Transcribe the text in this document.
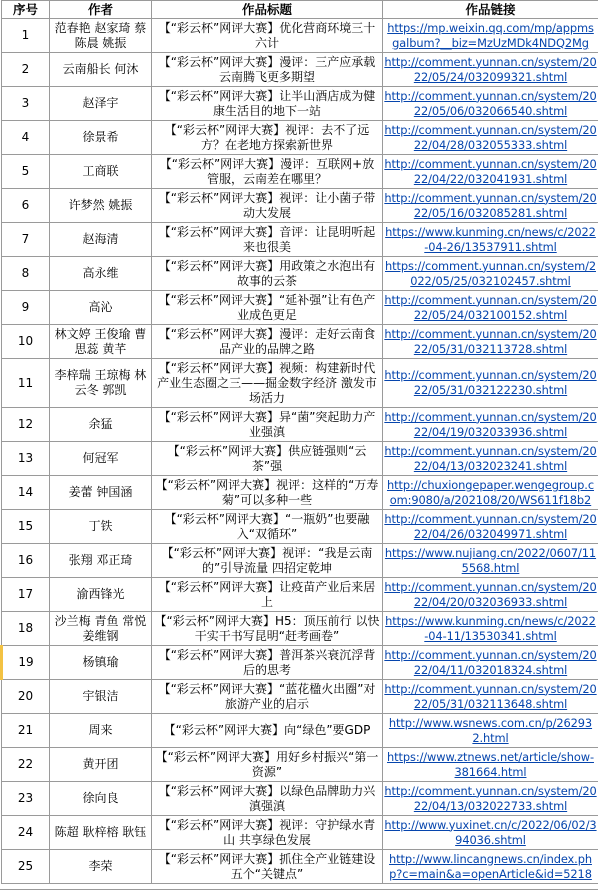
序号	作者	作品标题	作品链接
1	范春艳 赵家琦 蔡陈晨 姚振	【“彩云杯”网评大赛】优化营商环境三十六计	https://mp.weixin.qq.com/mp/appmsgalbum?__biz=MzUzMDk4NDQ2Mg
2	云南船长 何沐	【“彩云杯”网评大赛】漫评：三产应承载云南腾飞更多期望	http://comment.yunnan.cn/system/2022/05/24/032099321.shtml
3	赵泽宇	【“彩云杯”网评大赛】让半山酒店成为健康生活目的地下一站	http://comment.yunnan.cn/system/2022/05/06/032066540.shtml
4	徐景希	【“彩云杯”网评大赛】视评：去不了远方？在老地方探索新世界	http://comment.yunnan.cn/system/2022/04/28/032055333.shtml
5	工商联	【“彩云杯”网评大赛】漫评：互联网+放管服，云南差在哪里？	http://comment.yunnan.cn/system/2022/04/22/032041931.shtml
6	许梦然 姚振	【“彩云杯”网评大赛】视评：让小菌子带动大发展	http://comment.yunnan.cn/system/2022/05/16/032085281.shtml
7	赵海清	【“彩云杯”网评大赛】音评：让昆明听起来也很美	https://www.kunming.cn/news/c/2022-04-26/13537911.shtml
8	高永维	【“彩云杯”网评大赛】用政策之水泡出有故事的云茶	https://comment.yunnan.cn/system/2022/05/25/032102457.shtml
9	高沁	【“彩云杯”网评大赛】“延补强”让有色产业成色更足	http://comment.yunnan.cn/system/2022/05/24/032100152.shtml
10	林文婷 王俊瑜 曹思蕊 黄芊	【“彩云杯”网评大赛】漫评：走好云南食品产业的品牌之路	http://comment.yunnan.cn/system/2022/05/31/032113728.shtml
11	李梓瑞 王琼梅 林云冬 郭凯	【“彩云杯”网评大赛】视频：构建新时代产业生态圈之三——掘金数字经济 激发市场活力	http://comment.yunnan.cn/system/2022/05/31/032122230.shtml
12	余猛	【“彩云杯”网评大赛】异“菌”突起助力产业强滇	http://comment.yunnan.cn/system/2022/04/19/032033936.shtml
13	何冠军	【“彩云杯”网评大赛】供应链强则“云茶”强	http://comment.yunnan.cn/system/2022/04/13/032023241.shtml
14	姜蕾 钟国涵	【“彩云杯”网评大赛】视评：这样的“万寿菊”可以多种一些	http://chuxiongepaper.wengegroup.com:9080/a/202108/20/WS611f18b2
15	丁铁	【“彩云杯”网评大赛】“一瓶奶”也要融入“双循环”	http://comment.yunnan.cn/system/2022/04/26/032049971.shtml
16	张翔 邓正琦	【“彩云杯”网评大赛】视评：“我是云南的”引导流量 四招定乾坤	https://www.nujiang.cn/2022/0607/115568.html
17	渝西锋光	【“彩云杯”网评大赛】让疫苗产业后来居上	http://comment.yunnan.cn/system/2022/04/20/032036933.shtml
18	沙兰梅 青鱼 常悦 姜维钢	【“彩云杯”网评大赛】H5：顶压前行 以快干实干书写昆明“赶考画卷”	https://www.kunming.cn/news/c/2022-04-11/13530341.shtml
19	杨镇瑜	【“彩云杯”网评大赛】普洱茶兴衰沉浮背后的思考	http://comment.yunnan.cn/system/2022/04/11/032018324.shtml
20	宇银洁	【“彩云杯”网评大赛】“蓝花楹火出圈”对旅游产业的启示	http://comment.yunnan.cn/system/2022/05/31/032113648.shtml
21	周来	【“彩云杯”网评大赛】向“绿色”要GDP	http://www.wsnews.com.cn/p/262932.html
22	黄开团	【“彩云杯”网评大赛】用好乡村振兴“第一资源”	https://www.ztnews.net/article/show-381664.html
23	徐向良	【“彩云杯”网评大赛】以绿色品牌助力兴滇强滇	http://comment.yunnan.cn/system/2022/04/13/032022733.shtml
24	陈超 耿梓榕 耿钰	【“彩云杯”网评大赛】视评：守护绿水青山 共享绿色发展	http://www.yuxinet.cn/c/2022/06/02/394036.shtml
25	李荣	【“彩云杯”网评大赛】抓住全产业链建设五个“关键点”	http://www.lincangnews.cn/index.php?c=main&a=openArticle&id=5218
